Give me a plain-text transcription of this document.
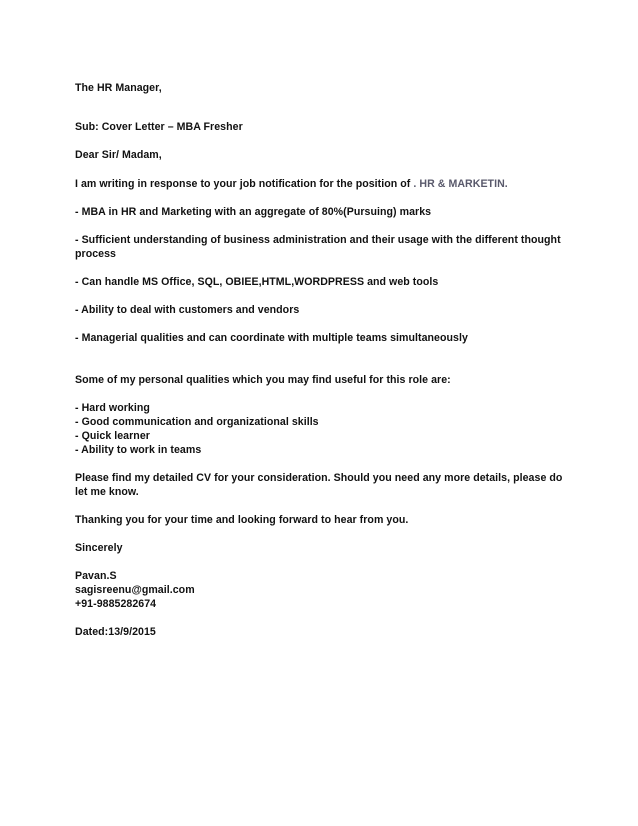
The HR Manager,
Sub: Cover Letter – MBA Fresher
Dear Sir/ Madam,
I am writing in response to your job notification for the position of . HR & MARKETIN.
- MBA in HR and Marketing with an aggregate of 80%(Pursuing) marks
- Sufficient understanding of business administration and their usage with the different thought
process
- Can handle MS Office, SQL, OBIEE,HTML,WORDPRESS and web tools
- Ability to deal with customers and vendors
- Managerial qualities and can coordinate with multiple teams simultaneously
Some of my personal qualities which you may find useful for this role are:
- Hard working
- Good communication and organizational skills
- Quick learner
- Ability to work in teams
Please find my detailed CV for your consideration. Should you need any more details, please do
let me know.
Thanking you for your time and looking forward to hear from you.
Sincerely
Pavan.S
sagisreenu@gmail.com
+91-9885282674
Dated:13/9/2015
